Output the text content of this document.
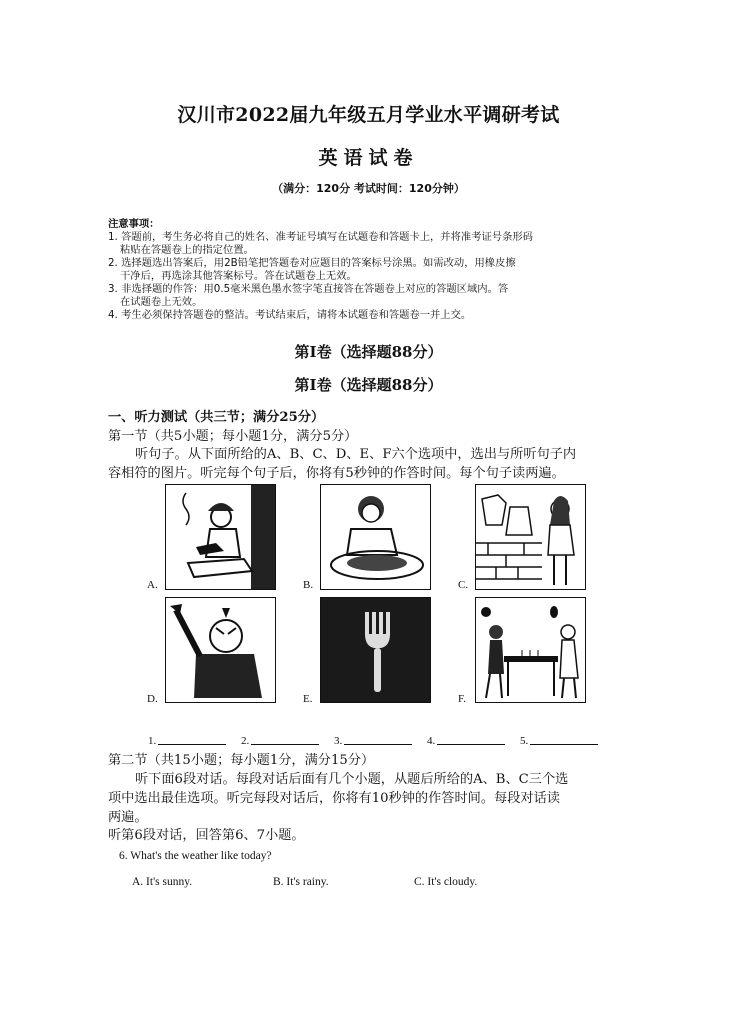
汉川市2022届九年级五月学业水平调研考试
英语试卷
（满分：120分 考试时间：120分钟）

注意事项：

1. 答题前，考生务必将自己的姓名、准考证号填写在试题卷和答题卡上，并将准考证号条形码

粘贴在答题卷上的指定位置。

2. 选择题选出答案后，用2B铅笔把答题卷对应题目的答案标号涂黑。如需改动，用橡皮擦

干净后，再选涂其他答案标号。答在试题卷上无效。

3. 非选择题的作答：用0.5毫米黑色墨水签字笔直接答在答题卷上对应的答题区域内。答

在试题卷上无效。

4. 考生必须保持答题卷的整洁。考试结束后，请将本试题卷和答题卷一并上交。

第Ⅰ卷（选择题88分）
第Ⅰ卷（选择题88分）
一、听力测试（共三节；满分25分）
第一节（共5小题；每小题1分，满分5分）
听句子。从下面所给的A、B、C、D、E、F六个选项中，选出与所听句子内
容相符的图片。听完每个句子后，你将有5秒钟的作答时间。每个句子读两遍。
A.	B.	C.
D.	E.	F.
1.	2.	3.	4.	5.
第二节（共15小题；每小题1分，满分15分）
听下面6段对话。每段对话后面有几个小题，从题后所给的A、B、C三个选
项中选出最佳选项。听完每段对话后，你将有10秒钟的作答时间。每段对话读
两遍。
听第6段对话，回答第6、7小题。
6. What's the weather like today?
A. It's sunny.	B. It's rainy.	C. It's cloudy.
